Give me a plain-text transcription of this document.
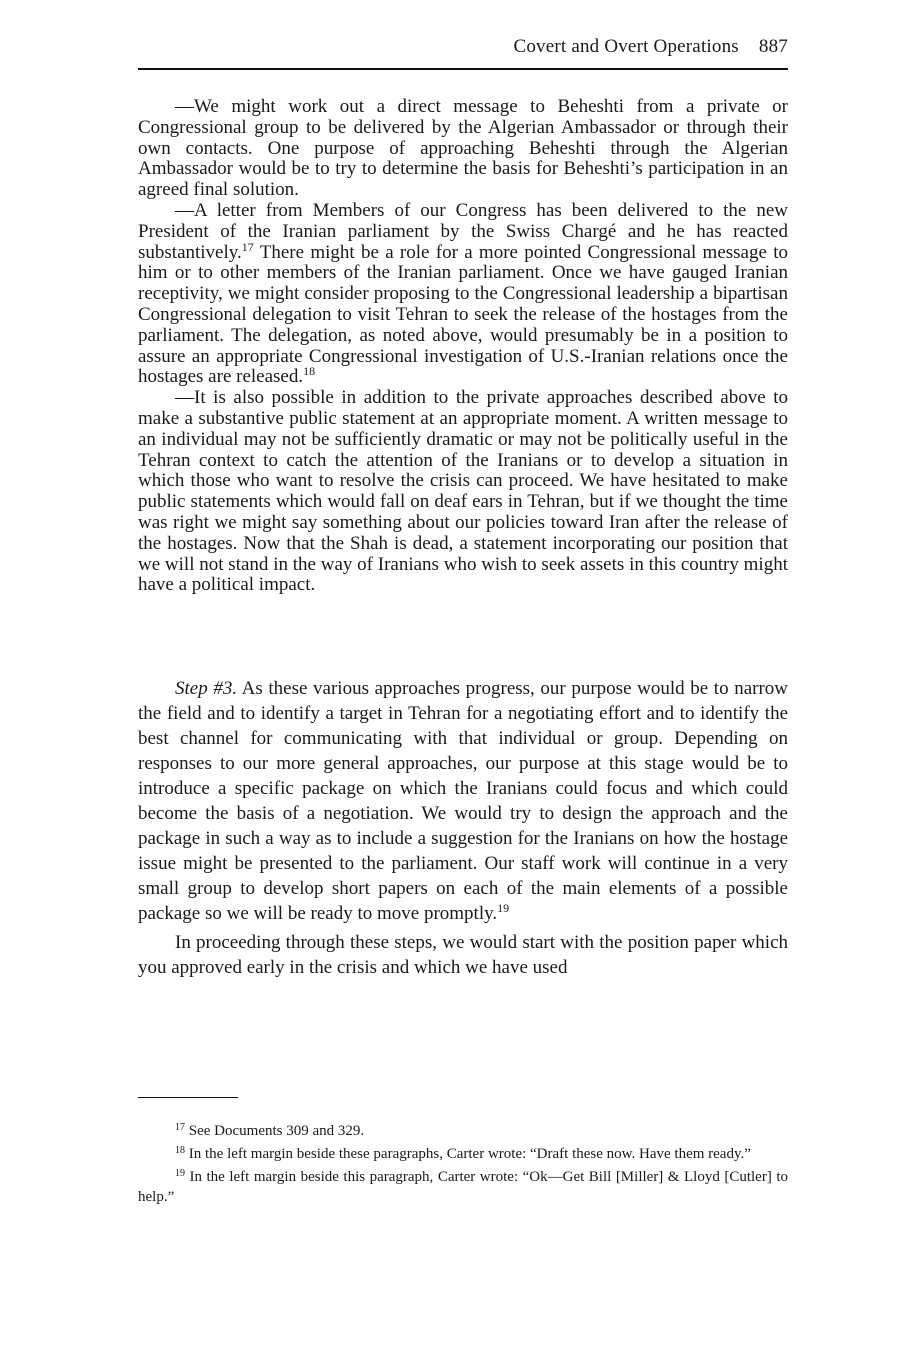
Covert and Overt Operations 887

—We might work out a direct message to Beheshti from a private or Congressional group to be delivered by the Algerian Ambassador or through their own contacts. One purpose of approaching Beheshti through the Algerian Ambassador would be to try to determine the basis for Beheshti’s participation in an agreed final solution.

—A letter from Members of our Congress has been delivered to the new President of the Iranian parliament by the Swiss Chargé and he has reacted substantively.$^{17}$ There might be a role for a more pointed Congressional message to him or to other members of the Iranian parliament. Once we have gauged Iranian receptivity, we might consider proposing to the Congressional leadership a bipartisan Congressional delegation to visit Tehran to seek the release of the hostages from the parliament. The delegation, as noted above, would presumably be in a position to assure an appropriate Congressional investigation of U.S.-Iranian relations once the hostages are released.$^{18}$

—It is also possible in addition to the private approaches described above to make a substantive public statement at an appropriate moment. A written message to an individual may not be sufficiently dramatic or may not be politically useful in the Tehran context to catch the attention of the Iranians or to develop a situation in which those who want to resolve the crisis can proceed. We have hesitated to make public statements which would fall on deaf ears in Tehran, but if we thought the time was right we might say something about our policies toward Iran after the release of the hostages. Now that the Shah is dead, a statement incorporating our position that we will not stand in the way of Iranians who wish to seek assets in this country might have a political impact.

Step #3. As these various approaches progress, our purpose would be to narrow the field and to identify a target in Tehran for a negotiating effort and to identify the best channel for communicating with that individual or group. Depending on responses to our more general approaches, our purpose at this stage would be to introduce a specific package on which the Iranians could focus and which could become the basis of a negotiation. We would try to design the approach and the package in such a way as to include a suggestion for the Iranians on how the hostage issue might be presented to the parliament. Our staff work will continue in a very small group to develop short papers on each of the main elements of a possible package so we will be ready to move promptly.$^{19}$

In proceeding through these steps, we would start with the position paper which you approved early in the crisis and which we have used

$^{17}$ See Documents 309 and 329.

$^{18}$ In the left margin beside these paragraphs, Carter wrote: “Draft these now. Have them ready.”

$^{19}$ In the left margin beside this paragraph, Carter wrote: “Ok—Get Bill [Miller] & Lloyd [Cutler] to help.”
